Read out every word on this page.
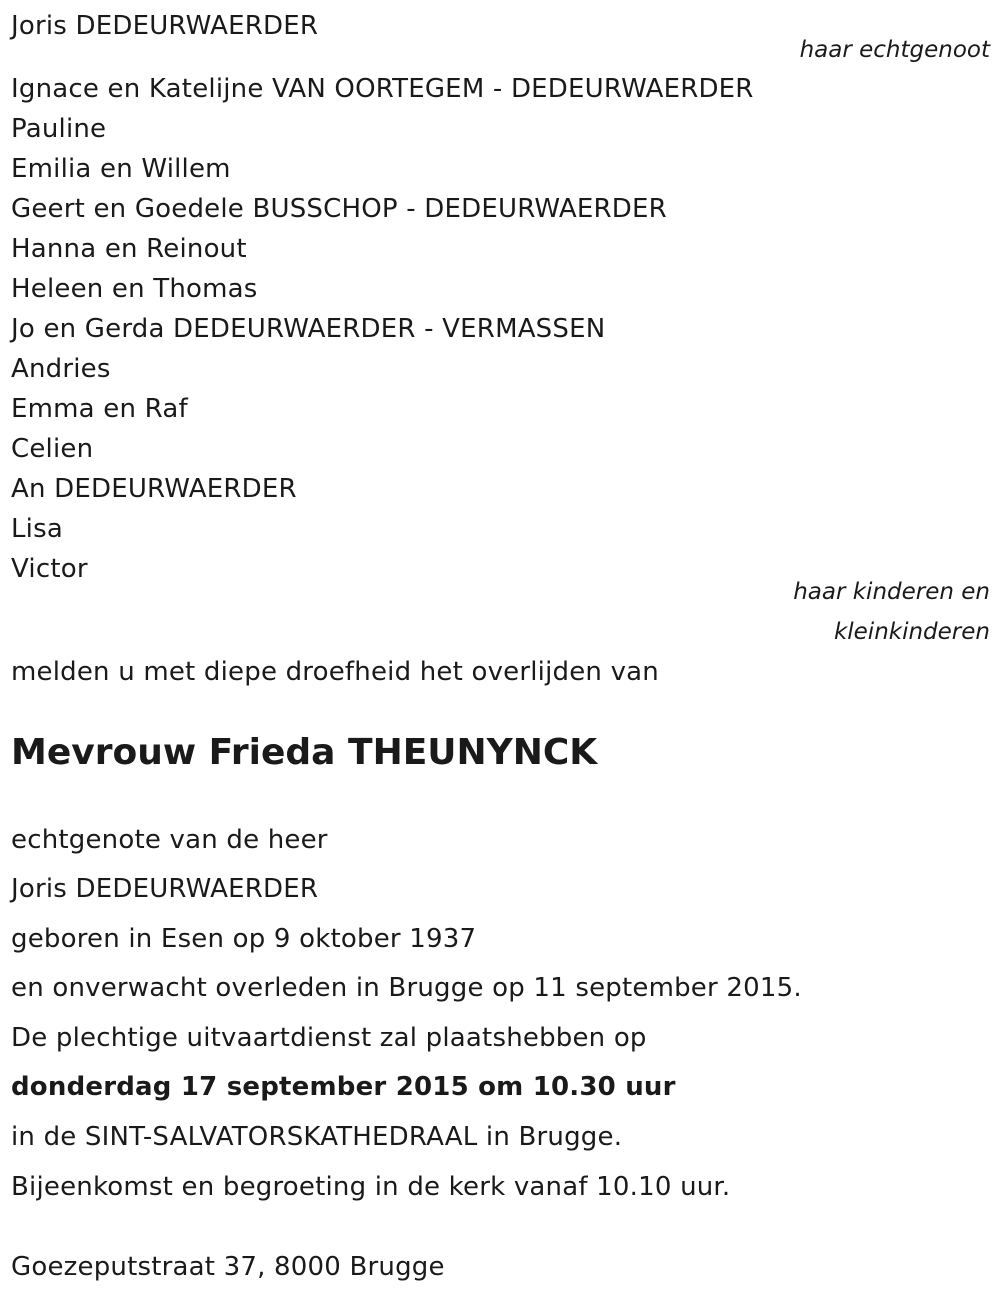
Joris DEDEURWAERDER
haar echtgenoot
Ignace en Katelijne VAN OORTEGEM - DEDEURWAERDER
Pauline
Emilia en Willem
Geert en Goedele BUSSCHOP - DEDEURWAERDER
Hanna en Reinout
Heleen en Thomas
Jo en Gerda DEDEURWAERDER - VERMASSEN
Andries
Emma en Raf
Celien
An DEDEURWAERDER
Lisa
Victor
haar kinderen en
kleinkinderen
melden u met diepe droefheid het overlijden van
Mevrouw Frieda THEUNYNCK
echtgenote van de heer
Joris DEDEURWAERDER
geboren in Esen op 9 oktober 1937
en onverwacht overleden in Brugge op 11 september 2015.
De plechtige uitvaartdienst zal plaatshebben op
donderdag 17 september 2015 om 10.30 uur
in de SINT-SALVATORSKATHEDRAAL in Brugge.
Bijeenkomst en begroeting in de kerk vanaf 10.10 uur.
Goezeputstraat 37, 8000 Brugge
